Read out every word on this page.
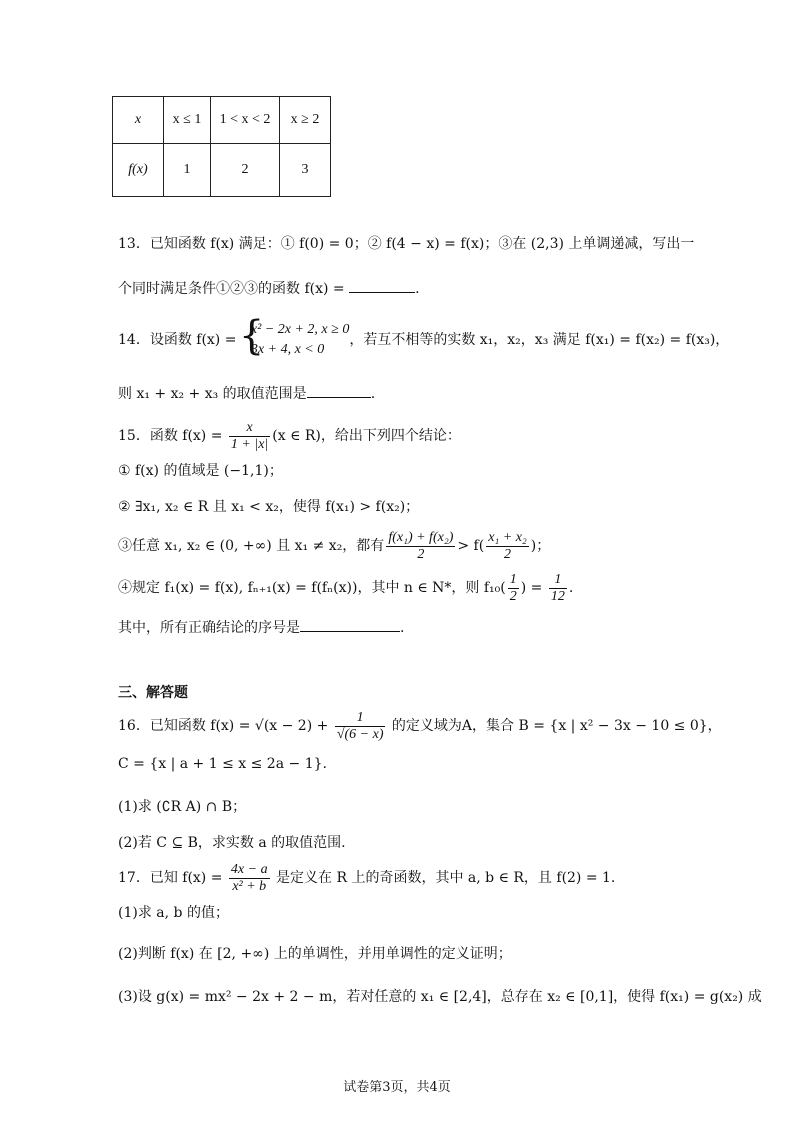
x	x ≤ 1	1 < x < 2	x ≥ 2
f(x)	1	2	3
13．已知函数 f(x) 满足：① f(0) = 0；② f(4 − x) = f(x)；③在 (2,3) 上单调递减，写出一
个同时满足条件①②③的函数 f(x) =	.
14．设函数 f(x) =
{ x² − 2x + 2, x ≥ 0
3x + 4, x < 0
，若互不相等的实数 x₁，x₂，x₃ 满足 f(x₁) = f(x₂) = f(x₃)，
则 x₁ + x₂ + x₃ 的取值范围是	.
15．函数 $f(x) = \frac{x}{1 + |x|} (x$ ∈ R)，给出下列四个结论：
① f(x) 的值域是 (−1,1)；
② ∃x₁, x₂ ∈ R 且 x₁ < x₂，使得 f(x₁) > f(x₂)；
③任意 x₁, x₂ ∈ (0, +∞) 且 x₁ ≠ x₂，都有 $\frac{\text{f(x₁) + f(x₂)}}{2} > f( \frac{\text{x₁ + x₂}}{2}$ )；
④规定 f₁(x) = f(x), fₙ₊₁(x) = f(fₙ(x))，其中 n ∈ N*，则 $f_{10}( \frac{1}{2}$ ) = $\frac{1}{12}$ .
其中，所有正确结论的序号是	.
三、解答题
16．已知函数 $f(x) = √(x - 2) + \frac{1}{√(6 - x)}$ 的定义域为A，集合 B = {x | x² − 3x − 10 ≤ 0}，
C = {x | a + 1 ≤ x ≤ 2a − 1}.
(1)求 (∁R A) ∩ B；
(2)若 C ⊆ B，求实数 a 的取值范围.
17．已知 $f(x) = \frac{4x - a}{\text{x² + b}}$ 是定义在 R 上的奇函数，其中 a, b ∈ R，且 f(2) = 1.
(1)求 a, b 的值；
(2)判断 f(x) 在 [2, +∞) 上的单调性，并用单调性的定义证明；
(3)设 g(x) = mx² − 2x + 2 − m，若对任意的 x₁ ∈ [2,4]，总存在 x₂ ∈ [0,1]，使得 f(x₁) = g(x₂) 成
试卷第3页，共4页
